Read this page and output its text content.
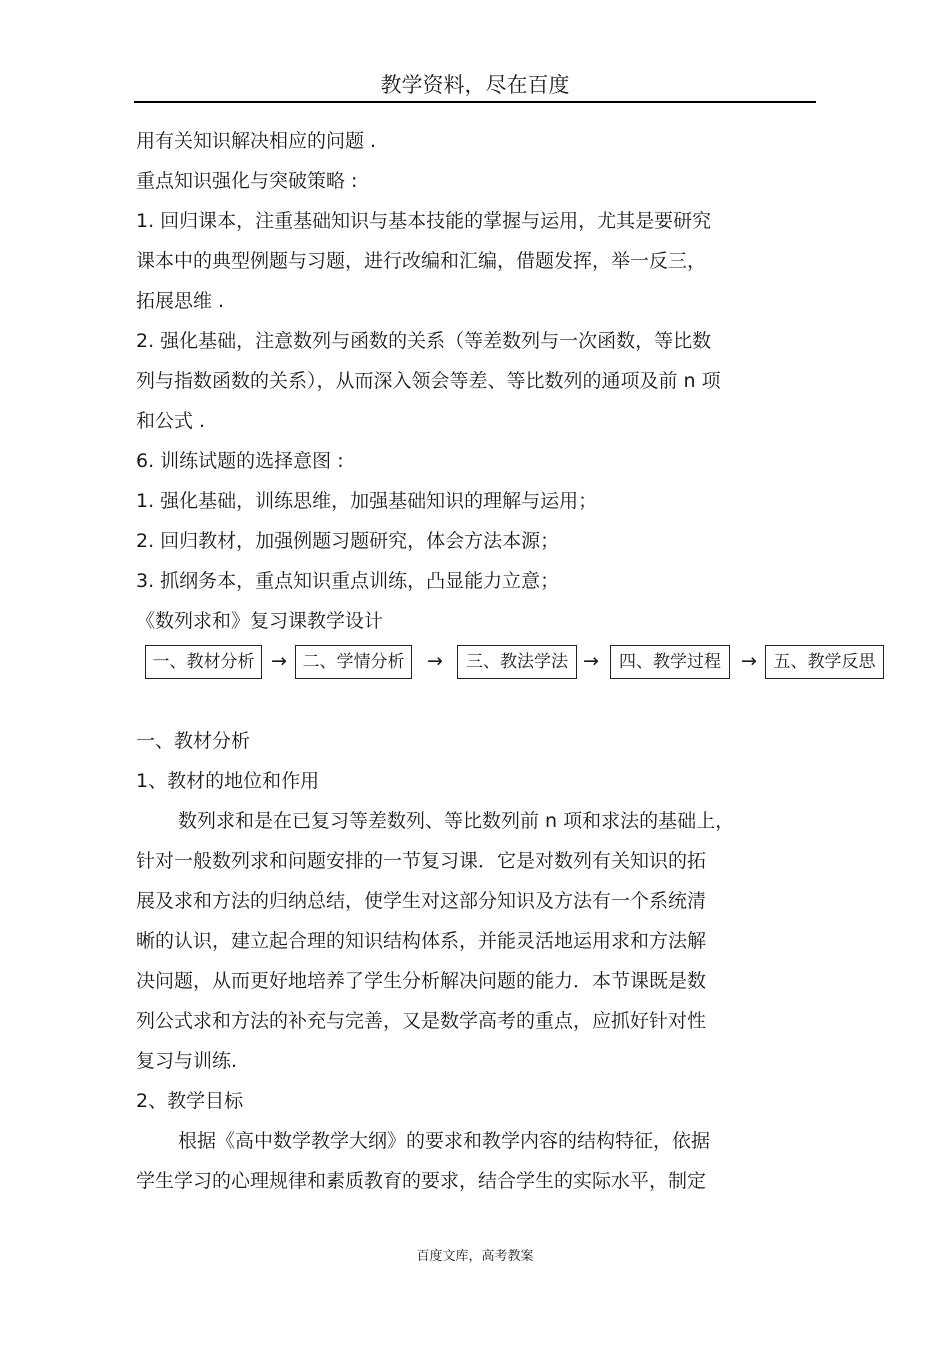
教学资料，尽在百度
用有关知识解决相应的问题 .
重点知识强化与突破策略 :
1. 回归课本，注重基础知识与基本技能的掌握与运用，尤其是要研究
课本中的典型例题与习题，进行改编和汇编，借题发挥，举一反三，
拓展思维 .
2. 强化基础，注意数列与函数的关系（等差数列与一次函数，等比数
列与指数函数的关系），从而深入领会等差、等比数列的通项及前 n 项
和公式 .
6. 训练试题的选择意图 :
1. 强化基础，训练思维，加强基础知识的理解与运用；
2. 回归教材，加强例题习题研究，体会方法本源；
3. 抓纲务本，重点知识重点训练，凸显能力立意；
《数列求和》复习课教学设计
一、教材分析 → 二、学情分析	→	三、教法学法 →	四、教学过程	→ 五、教学反思
一、教材分析
1、教材的地位和作用
数列求和是在已复习等差数列、等比数列前 n 项和求法的基础上，
针对一般数列求和问题安排的一节复习课．它是对数列有关知识的拓
展及求和方法的归纳总结，使学生对这部分知识及方法有一个系统清
晰的认识，建立起合理的知识结构体系，并能灵活地运用求和方法解
决问题，从而更好地培养了学生分析解决问题的能力．本节课既是数
列公式求和方法的补充与完善，又是数学高考的重点，应抓好针对性
复习与训练.
2、教学目标
根据《高中数学教学大纲》的要求和教学内容的结构特征，依据
学生学习的心理规律和素质教育的要求，结合学生的实际水平，制定
百度文库，高考教案
